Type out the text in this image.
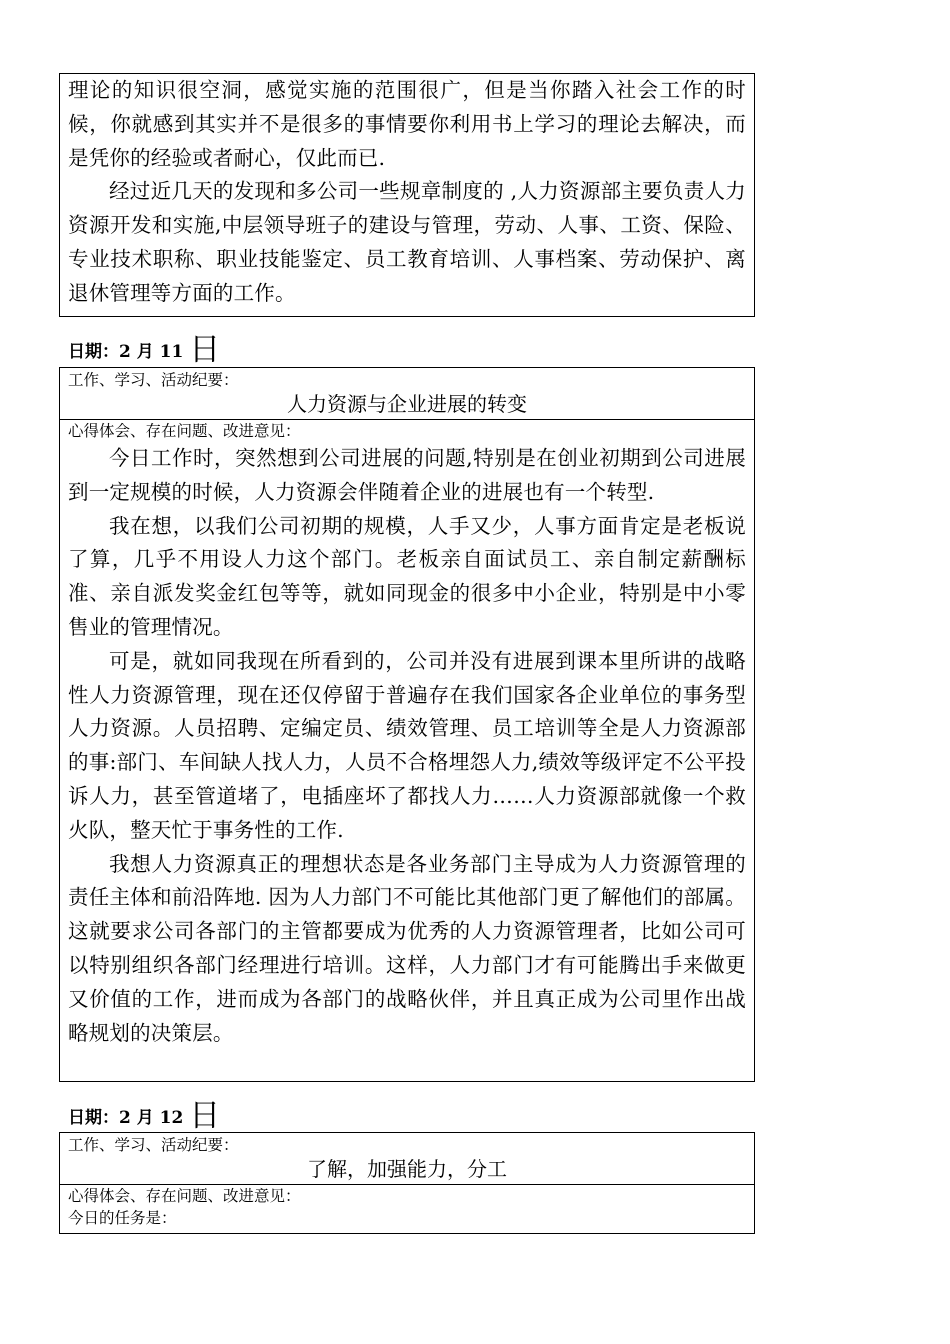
理论的知识很空洞，感觉实施的范围很广，但是当你踏入社会工作的时候，你就感到其实并不是很多的事情要你利用书上学习的理论去解决，而是凭你的经验或者耐心，仅此而已.

经过近几天的发现和多公司一些规章制度的 ,人力资源部主要负责人力资源开发和实施,中层领导班子的建设与管理，劳动、人事、工资、保险、专业技术职称、职业技能鉴定、员工教育培训、人事档案、劳动保护、离退休管理等方面的工作。

日期：2 月 11 日

工作、学习、活动纪要：

人力资源与企业进展的转变

心得体会、存在问题、改进意见：

今日工作时，突然想到公司进展的问题,特别是在创业初期到公司进展到一定规模的时候，人力资源会伴随着企业的进展也有一个转型.

我在想，以我们公司初期的规模，人手又少，人事方面肯定是老板说了算，几乎不用设人力这个部门。老板亲自面试员工、亲自制定薪酬标准、亲自派发奖金红包等等，就如同现金的很多中小企业，特别是中小零售业的管理情况。

可是，就如同我现在所看到的，公司并没有进展到课本里所讲的战略性人力资源管理，现在还仅停留于普遍存在我们国家各企业单位的事务型人力资源。人员招聘、定编定员、绩效管理、员工培训等全是人力资源部的事:部门、车间缺人找人力，人员不合格埋怨人力,绩效等级评定不公平投诉人力，甚至管道堵了，电插座坏了都找人力……人力资源部就像一个救火队，整天忙于事务性的工作.

我想人力资源真正的理想状态是各业务部门主导成为人力资源管理的责任主体和前沿阵地. 因为人力部门不可能比其他部门更了解他们的部属。这就要求公司各部门的主管都要成为优秀的人力资源管理者，比如公司可以特别组织各部门经理进行培训。这样，人力部门才有可能腾出手来做更又价值的工作，进而成为各部门的战略伙伴，并且真正成为公司里作出战略规划的决策层。

日期：2 月 12 日

工作、学习、活动纪要：

了解，加强能力，分工

心得体会、存在问题、改进意见：

今日的任务是：
